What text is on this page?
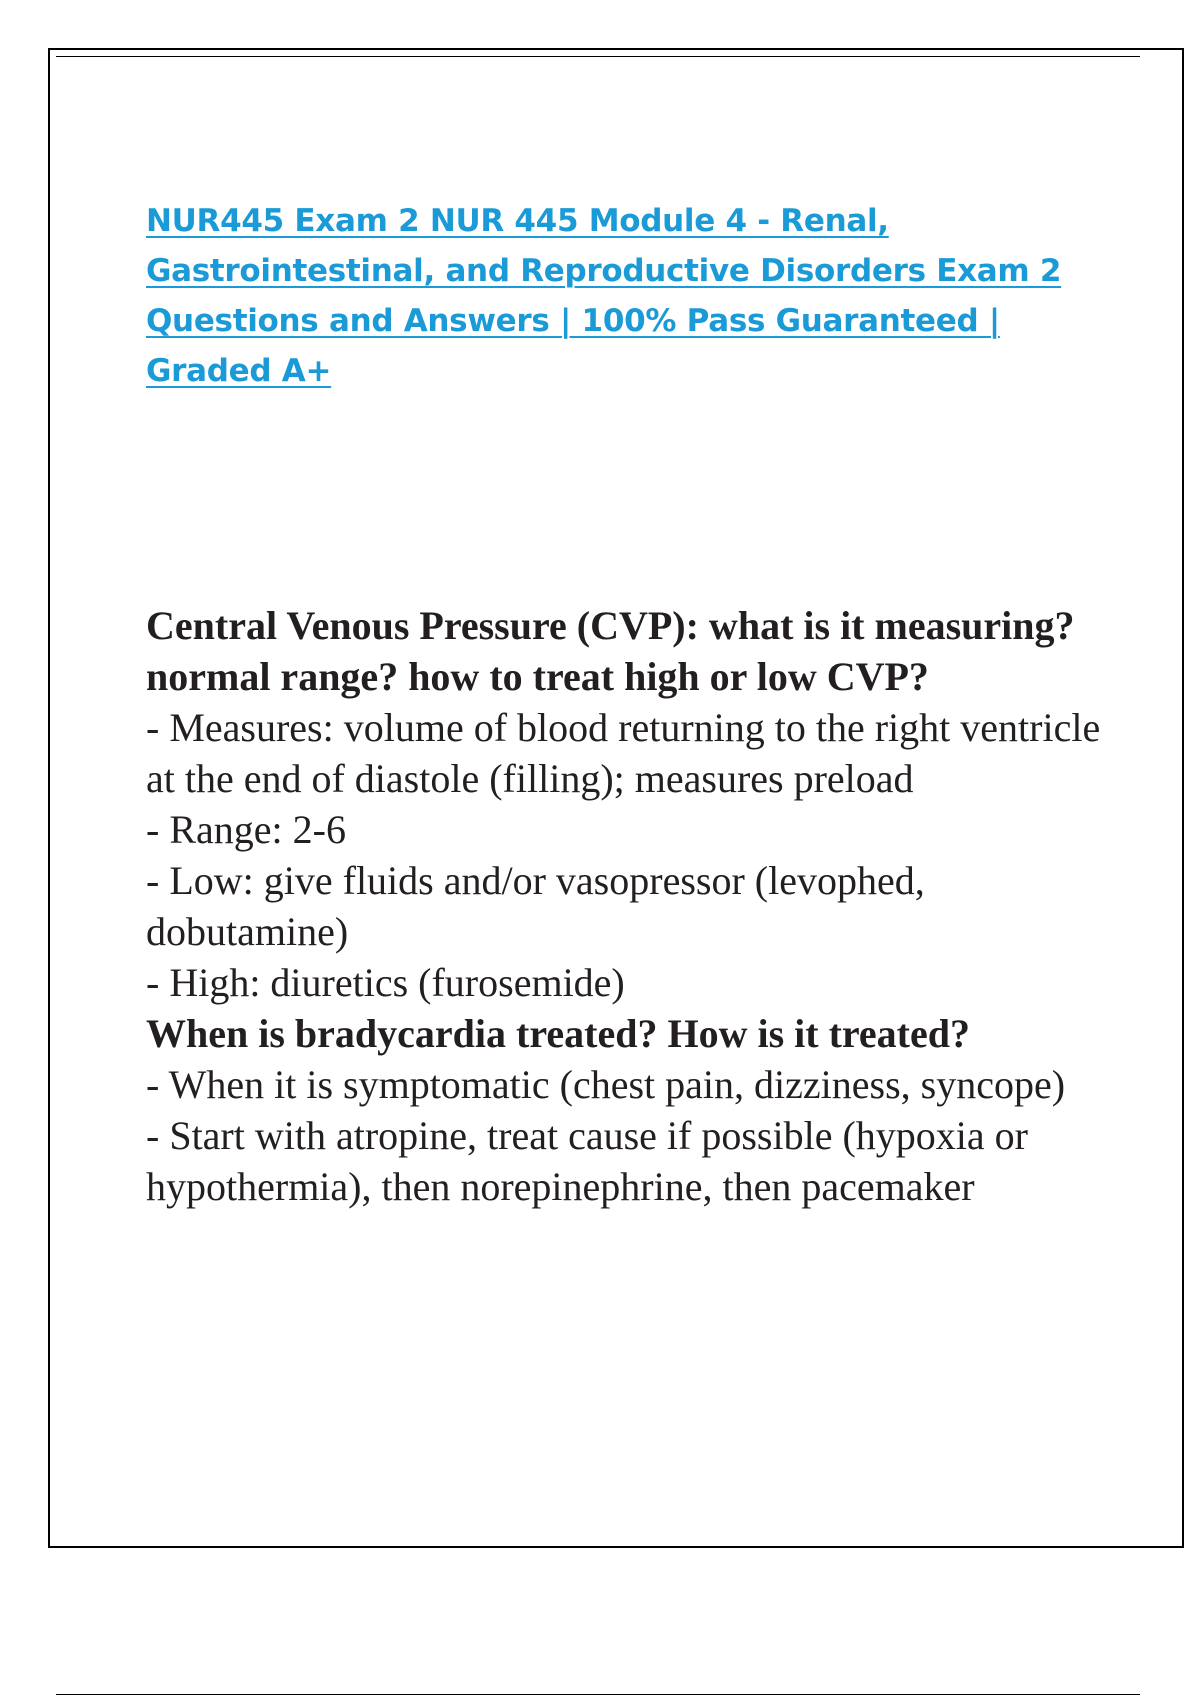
NUR445 Exam 2 NUR 445 Module 4 - Renal, Gastrointestinal, and Reproductive Disorders Exam 2 Questions and Answers | 100% Pass Guaranteed | Graded A+

Central Venous Pressure (CVP): what is it measuring? normal range? how to treat high or low CVP?

- Measures: volume of blood returning to the right ventricle at the end of diastole (filling); measures preload

- Range: 2-6

- Low: give fluids and/or vasopressor (levophed, dobutamine)

- High: diuretics (furosemide)

When is bradycardia treated? How is it treated?

- When it is symptomatic (chest pain, dizziness, syncope)

- Start with atropine, treat cause if possible (hypoxia or hypothermia), then norepinephrine, then pacemaker
